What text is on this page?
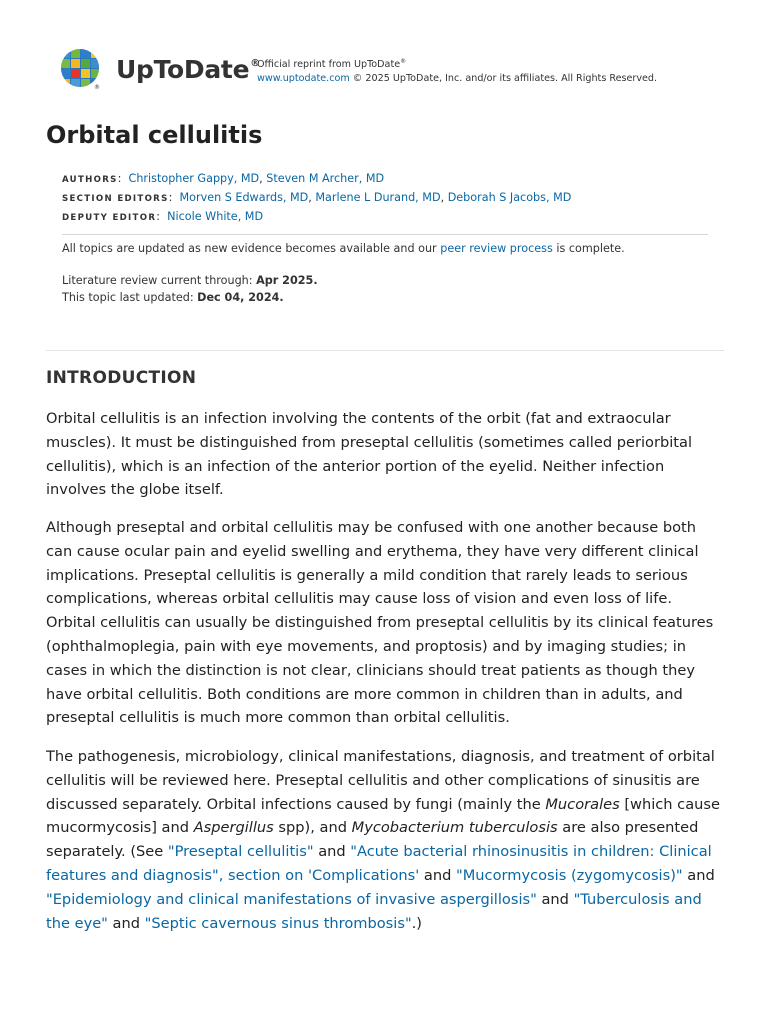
®
UpToDate®
Official reprint from UpToDate®
www.uptodate.com © 2025 UpToDate, Inc. and/or its affiliates. All Rights Reserved.
Orbital cellulitis
AUTHORS:  Christopher Gappy, MD, Steven M Archer, MD
SECTION EDITORS:  Morven S Edwards, MD, Marlene L Durand, MD, Deborah S Jacobs, MD
DEPUTY EDITOR:  Nicole White, MD
All topics are updated as new evidence becomes available and our peer review process is complete.
Literature review current through: Apr 2025.
This topic last updated: Dec 04, 2024.
INTRODUCTION

Orbital cellulitis is an infection involving the contents of the orbit (fat and extraocular muscles). It must be distinguished from preseptal cellulitis (sometimes called periorbital cellulitis), which is an infection of the anterior portion of the eyelid. Neither infection involves the globe itself.

Although preseptal and orbital cellulitis may be confused with one another because both can cause ocular pain and eyelid swelling and erythema, they have very different clinical implications. Preseptal cellulitis is generally a mild condition that rarely leads to serious complications, whereas orbital cellulitis may cause loss of vision and even loss of life. Orbital cellulitis can usually be distinguished from preseptal cellulitis by its clinical features (ophthalmoplegia, pain with eye movements, and proptosis) and by imaging studies; in cases in which the distinction is not clear, clinicians should treat patients as though they have orbital cellulitis. Both conditions are more common in children than in adults, and preseptal cellulitis is much more common than orbital cellulitis.

The pathogenesis, microbiology, clinical manifestations, diagnosis, and treatment of orbital cellulitis will be reviewed here. Preseptal cellulitis and other complications of sinusitis are discussed separately. Orbital infections caused by fungi (mainly the Mucorales [which cause mucormycosis] and Aspergillus spp), and Mycobacterium tuberculosis are also presented separately. (See "Preseptal cellulitis" and "Acute bacterial rhinosinusitis in children: Clinical features and diagnosis", section on 'Complications' and "Mucormycosis (zygomycosis)" and "Epidemiology and clinical manifestations of invasive aspergillosis" and "Tuberculosis and the eye" and "Septic cavernous sinus thrombosis".)
